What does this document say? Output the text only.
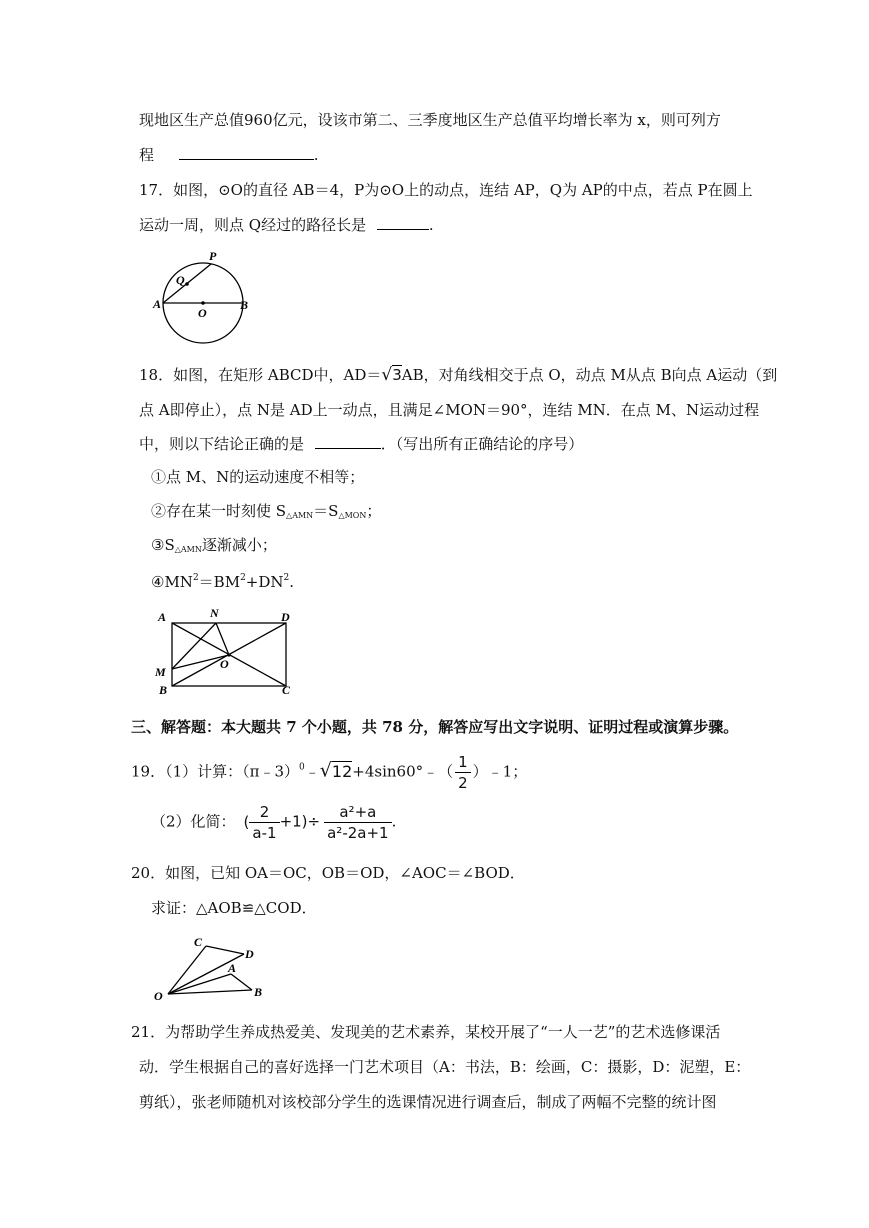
现地区生产总值960亿元，设该市第二、三季度地区生产总值平均增长率为 x，则可列方
程	.
17．如图，⊙O的直径 AB＝4，P为⊙O上的动点，连结 AP，Q为 AP的中点，若点 P在圆上
运动一周，则点 Q经过的路径长是	.
P
Q
A
O
B
18．如图，在矩形 ABCD中，AD＝√3AB，对角线相交于点 O，动点 M从点 B向点 A运动（到
点 A即停止），点 N是 AD上一动点，且满足∠MON＝90°，连结 MN．在点 M、N运动过程
中，则以下结论正确的是	．（写出所有正确结论的序号）
①点 M、N的运动速度不相等；
②存在某一时刻使 $S_{\triangle AMN}=S_{\triangle MON}$；
$③S_{\triangle AMN}$逐渐减小；
$④MN^2=BM^2+DN^2$.
A	N	D
M
O
B	C
三、解答题：本大题共 7 个小题，共 78 分，解答应写出文字说明、证明过程或演算步骤。
19．（1）计算：（π﹣3）$^0$﹣√12+4sin60°﹣（ $\frac{1}{2}$ ）﹣1；
（2）化简： ( $\frac{2}{a-1} +1)\div \frac{\text{a²+a}}{\text{a²-2a+1}}$ .
20．如图，已知 OA＝OC，OB＝OD，∠AOC＝∠BOD．
求证：△AOB≌△COD．
C
D
A
O	B
21．为帮助学生养成热爱美、发现美的艺术素养，某校开展了“一人一艺”的艺术选修课活
动．学生根据自己的喜好选择一门艺术项目（A：书法，B：绘画，C：摄影，D：泥塑，E：
剪纸），张老师随机对该校部分学生的选课情况进行调查后，制成了两幅不完整的统计图
